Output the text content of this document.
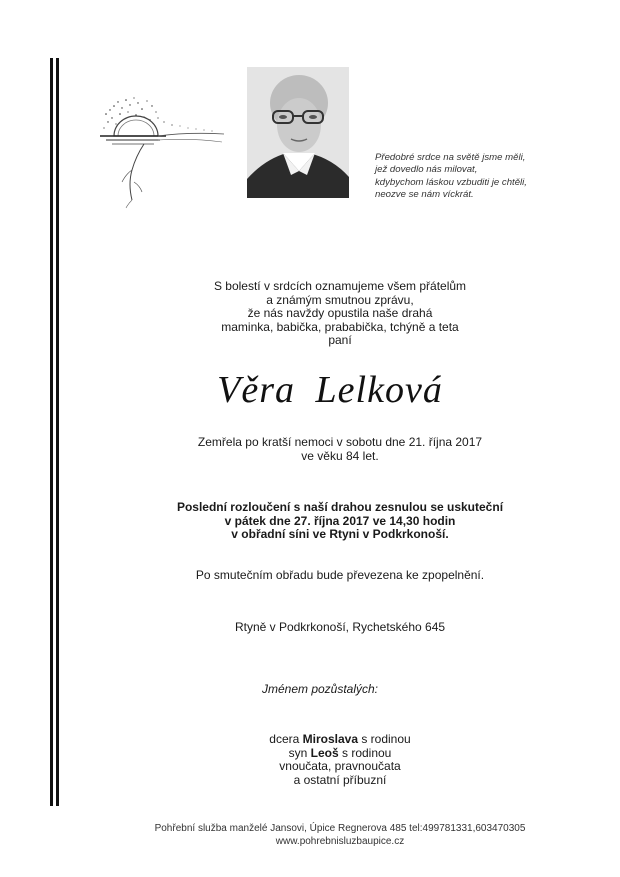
Předobré srdce na světě jsme měli,
jež dovedlo nás milovat,
kdybychom láskou vzbuditi je chtěli,
neozve se nám víckrát.
S bolestí v srdcích oznamujeme všem přátelům
a známým smutnou zprávu,
že nás navždy opustila naše drahá
maminka, babička, prababička, tchýně a teta
paní
Věra Lelková
Zemřela po kratší nemoci v sobotu dne 21. října 2017
ve věku 84 let.
Poslední rozloučení s naší drahou zesnulou se uskuteční
v pátek dne 27. října 2017 ve 14,30 hodin
v obřadní síni ve Rtyni v Podkrkonoší.
Po smutečním obřadu bude převezena ke zpopelnění.
Rtyně v Podkrkonoší, Rychetského 645
Jménem pozůstalých:
dcera Miroslava s rodinou
syn Leoš s rodinou
vnoučata, pravnoučata
a ostatní příbuzní
Pohřební služba manželé Jansovi, Úpice Regnerova 485 tel:499781331,603470305
www.pohrebnisluzbaupice.cz
